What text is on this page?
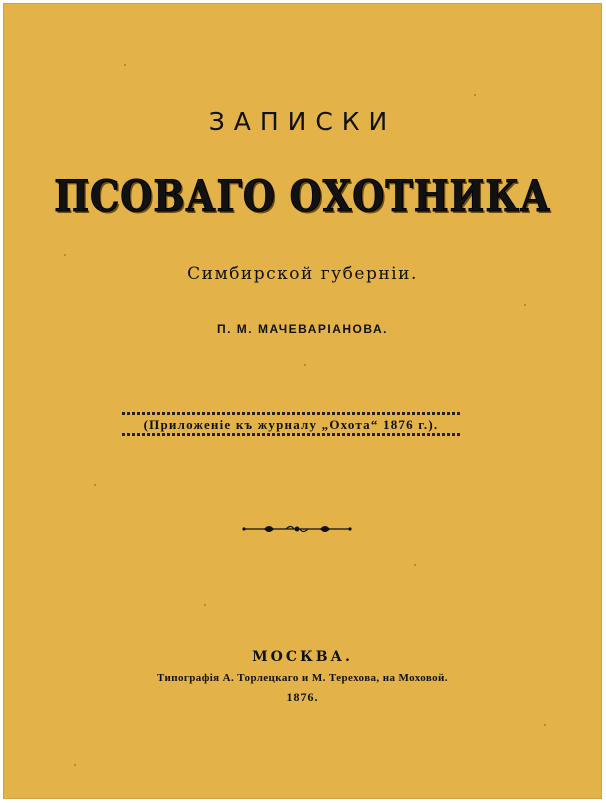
ЗАПИСКИ
ПСОВАГО ОХОТНИКА
Симбирской губерніи.
П. М. МАЧЕВАРІАНОВА.
(Приложеніе къ журналу „Охота“ 1876 г.).
МОСКВА.
Типографія А. Торлецкаго и М. Терехова, на Моховой.
1876.
